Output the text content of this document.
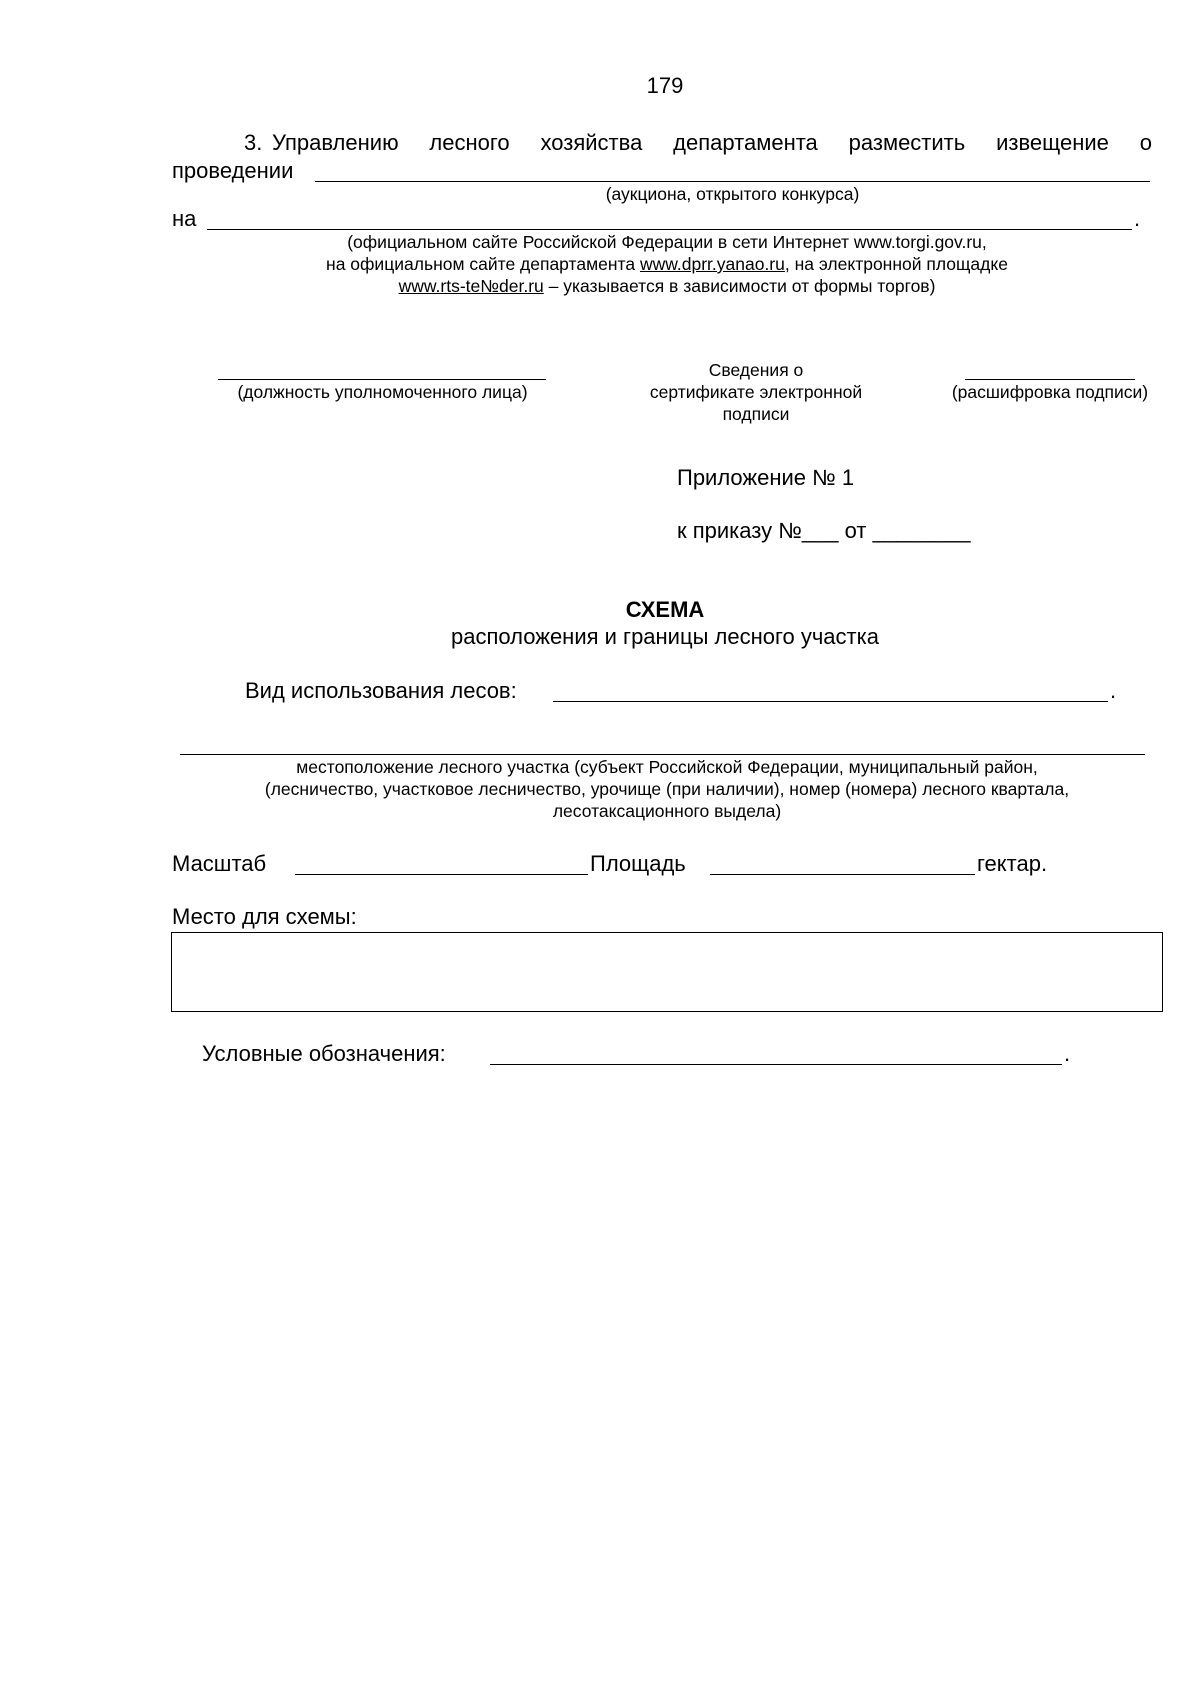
179
3. Управлению лесного хозяйства департамента разместить извещение о
проведении
(аукциона, открытого конкурса)
на	.
(официальном сайте Российской Федерации в сети Интернет www.torgi.gov.ru,
на официальном сайте департамента www.dprr.yanao.ru, на электронной площадке
www.rts-te№der.ru – указывается в зависимости от формы торгов)
(должность уполномоченного лица)
Сведения о
сертификате электронной
подписи
(расшифровка подписи)
Приложение № 1
к приказу №___ от ________
СХЕМА
расположения и границы лесного участка
Вид использования лесов:	.
местоположение лесного участка (субъект Российской Федерации, муниципальный район,
(лесничество, участковое лесничество, урочище (при наличии), номер (номера) лесного квартала,
лесотаксационного выдела)
Масштаб	Площадь	гектар.
Место для схемы:
Условные обозначения:	.
